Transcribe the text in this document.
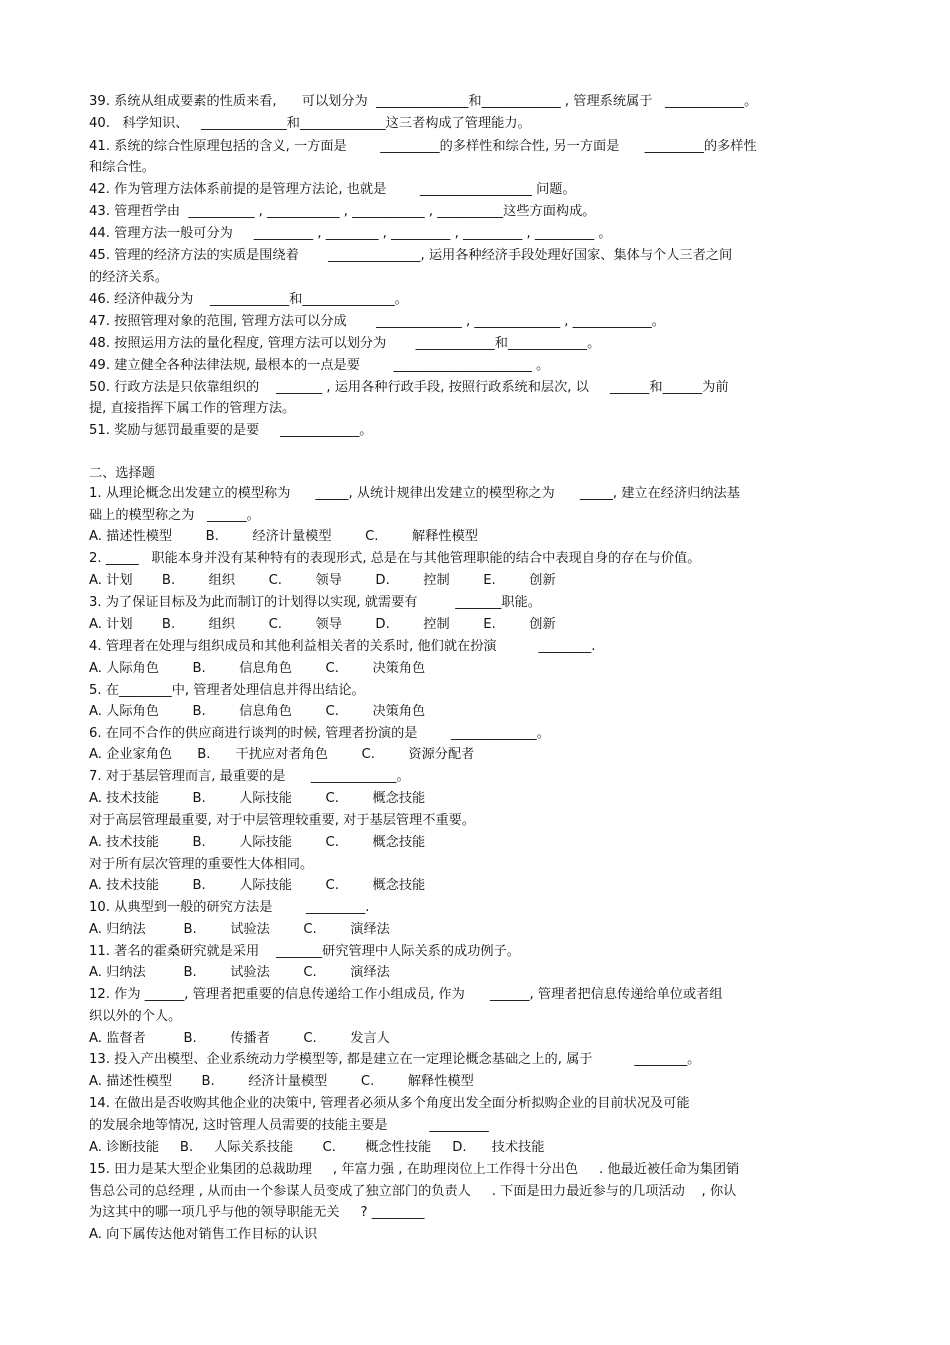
39. 系统从组成要素的性质来看,      可以划分为  ______________和____________ , 管理系统属于   ____________。
40.   科学知识、   _____________和_____________这三者构成了管理能力。
41. 系统的综合性原理包括的含义, 一方面是        _________的多样性和综合性, 另一方面是      _________的多样性
和综合性。
42. 作为管理方法体系前提的是管理方法论, 也就是        _________________ 问题。
43. 管理哲学由  __________ , ___________ , ___________ , __________这些方面构成。
44. 管理方法一般可分为     _________ , ________ , _________ , _________ , _________ 。
45. 管理的经济方法的实质是围绕着       ______________, 运用各种经济手段处理好国家、集体与个人三者之间
的经济关系。
46. 经济仲裁分为    ____________和______________。
47. 按照管理对象的范围, 管理方法可以分成       _____________ , _____________ , ____________。
48. 按照运用方法的量化程度, 管理方法可以划分为       ____________和____________。
49. 建立健全各种法律法规, 最根本的一点是要        _____________________ 。
50. 行政方法是只依靠组织的    _______ , 运用各种行政手段, 按照行政系统和层次, 以     ______和______为前
提, 直接指挥下属工作的管理方法。
51. 奖励与惩罚最重要的是要     ____________。
二、选择题
1. 从理论概念出发建立的模型称为      _____, 从统计规律出发建立的模型称之为      _____, 建立在经济归纳法基
础上的模型称之为   ______。
A. 描述性模型        B.        经济计量模型        C.        解释性模型
2. _____   职能本身并没有某种特有的表现形式, 总是在与其他管理职能的结合中表现自身的存在与价值。
A. 计划       B.        组织        C.        领导        D.        控制        E.        创新
3. 为了保证目标及为此而制订的计划得以实现, 就需要有         _______职能。
A. 计划       B.        组织        C.        领导        D.        控制        E.        创新
4. 管理者在处理与组织成员和其他利益相关者的关系时, 他们就在扮演          ________.
A. 人际角色        B.        信息角色        C.        决策角色
5. 在________中, 管理者处理信息并得出结论。
A. 人际角色        B.        信息角色        C.        决策角色
6. 在同不合作的供应商进行谈判的时候, 管理者扮演的是        _____________。
A. 企业家角色      B.      干扰应对者角色        C.        资源分配者
7. 对于基层管理而言, 最重要的是      _____________。
A. 技术技能        B.        人际技能        C.        概念技能
对于高层管理最重要, 对于中层管理较重要, 对于基层管理不重要。
A. 技术技能        B.        人际技能        C.        概念技能
对于所有层次管理的重要性大体相同。
A. 技术技能        B.        人际技能        C.        概念技能
10. 从典型到一般的研究方法是        _________.
A. 归纳法         B.        试验法        C.        演绎法
11. 著名的霍桑研究就是采用    _______研究管理中人际关系的成功例子。
A. 归纳法         B.        试验法        C.        演绎法
12. 作为 ______, 管理者把重要的信息传递给工作小组成员, 作为      ______, 管理者把信息传递给单位或者组
织以外的个人。
A. 监督者         B.        传播者        C.        发言人
13. 投入产出模型、企业系统动力学模型等, 都是建立在一定理论概念基础之上的, 属于          ________。
A. 描述性模型       B.        经济计量模型        C.        解释性模型
14. 在做出是否收购其他企业的决策中, 管理者必须从多个角度出发全面分析拟购企业的目前状况及可能
的发展余地等情况, 这时管理人员需要的技能主要是          _________
A. 诊断技能     B.     人际关系技能       C.       概念性技能     D.      技术技能
15. 田力是某大型企业集团的总裁助理     , 年富力强 , 在助理岗位上工作得十分出色     . 他最近被任命为集团销
售总公司的总经理 , 从而由一个参谋人员变成了独立部门的负责人     . 下面是田力最近参与的几项活动    , 你认
为这其中的哪一项几乎与他的领导职能无关     ? ________
A. 向下属传达他对销售工作目标的认识
